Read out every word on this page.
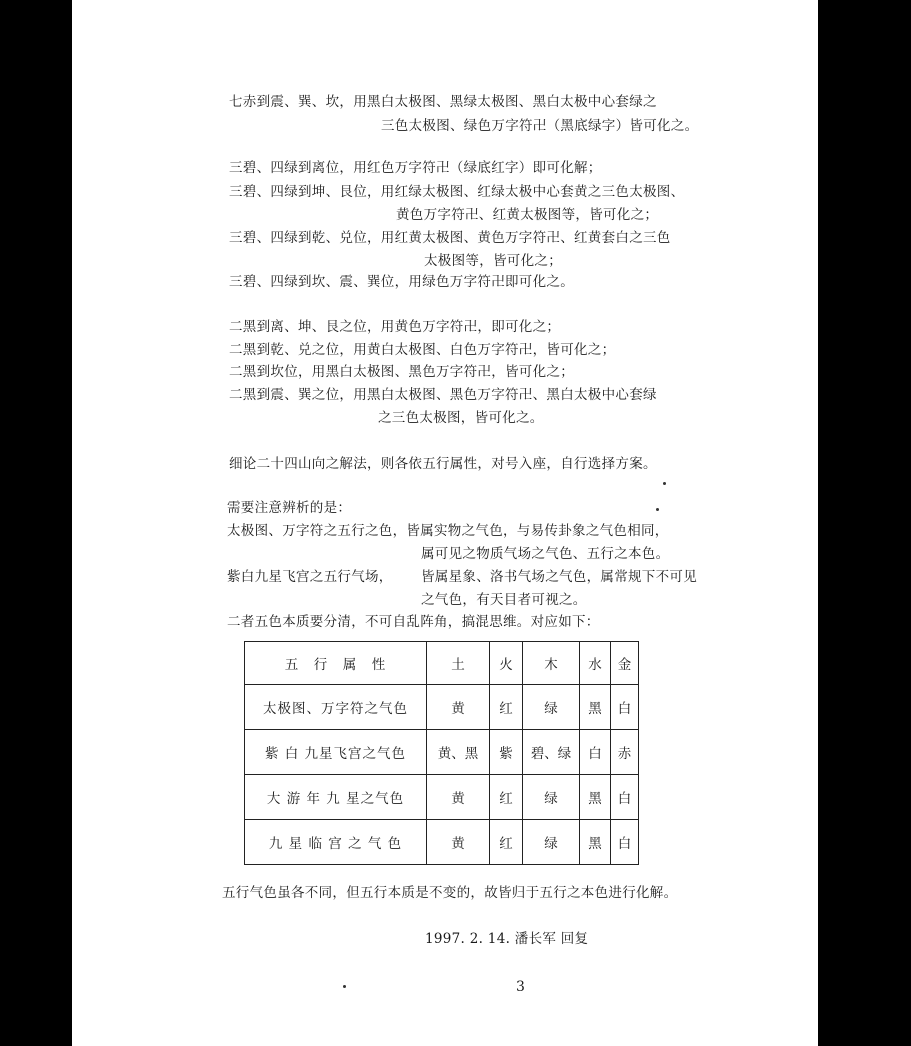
七赤到震、巽、坎，用黑白太极图、黑绿太极图、黑白太极中心套绿之
三色太极图、绿色万字符卍（黑底绿字）皆可化之。
三碧、四绿到离位，用红色万字符卍（绿底红字）即可化解；
三碧、四绿到坤、艮位，用红绿太极图、红绿太极中心套黄之三色太极图、
黄色万字符卍、红黄太极图等，皆可化之；
三碧、四绿到乾、兑位，用红黄太极图、黄色万字符卍、红黄套白之三色
太极图等，皆可化之；
三碧、四绿到坎、震、巽位，用绿色万字符卍即可化之。
二黑到离、坤、艮之位，用黄色万字符卍，即可化之；
二黑到乾、兑之位，用黄白太极图、白色万字符卍，皆可化之；
二黑到坎位，用黑白太极图、黑色万字符卍，皆可化之；
二黑到震、巽之位，用黑白太极图、黑色万字符卍、黑白太极中心套绿
之三色太极图，皆可化之。
细论二十四山向之解法，则各依五行属性，对号入座，自行选择方案。
需要注意辨析的是：
太极图、万字符之五行之色，皆属实物之气色，与易传卦象之气色相同，
属可见之物质气场之气色、五行之本色。
紫白九星飞宫之五行气场， 皆属星象、洛书气场之气色，属常规下不可见
之气色，有天目者可视之。
二者五色本质要分清，不可自乱阵角，搞混思维。对应如下：
五　行　属　性	土	火	木	水	金
太极图、万字符之气色	黄	红	绿	黑	白
紫 白 九星飞宫之气色	黄、黑	紫	碧、绿	白	赤
大 游 年 九 星之气色	黄	红	绿	黑	白
九 星 临 宫 之 气 色	黄	红	绿	黑	白
五行气色虽各不同，但五行本质是不变的，故皆归于五行之本色进行化解。
1997. 2. 14. 潘长军 回复
3
